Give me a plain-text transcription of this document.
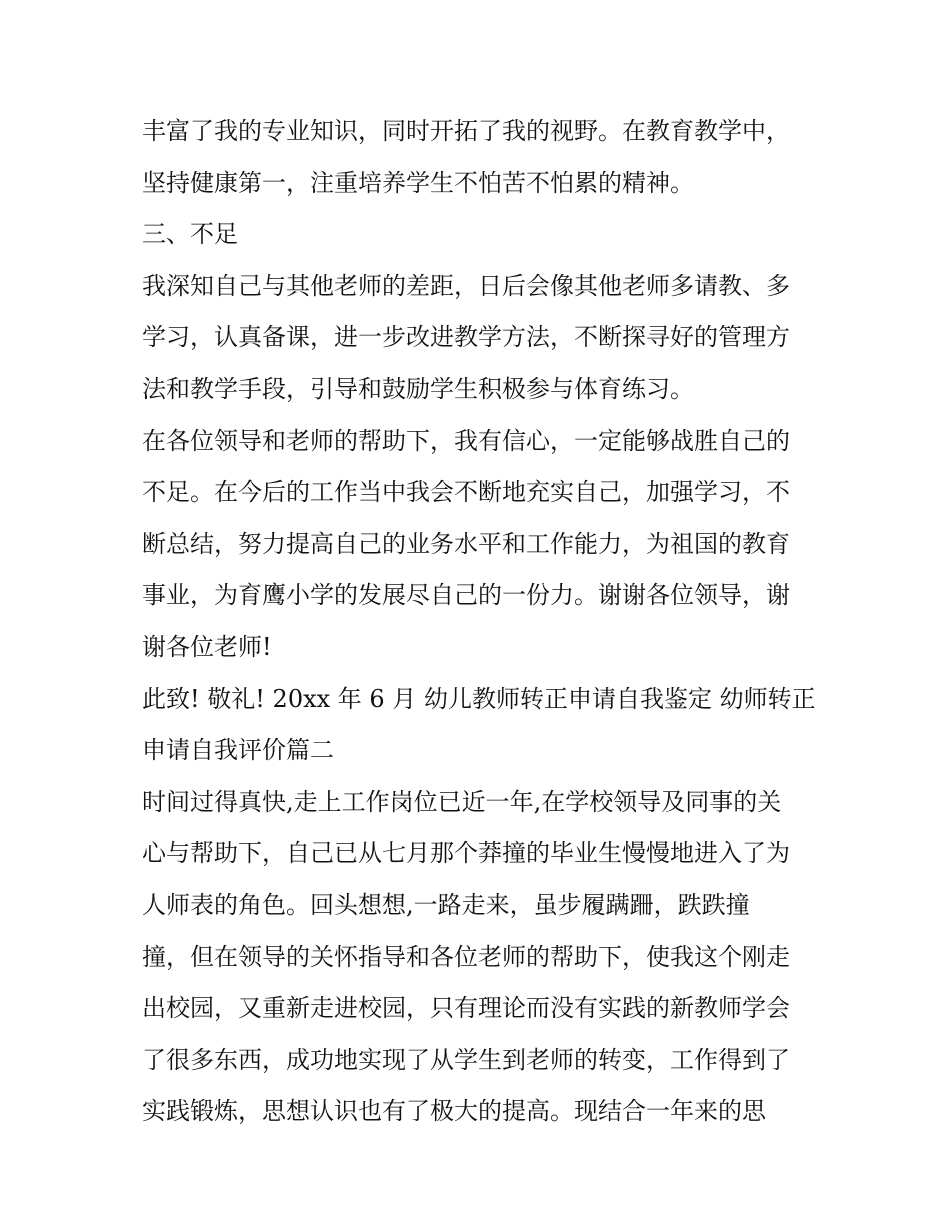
丰富了我的专业知识，同时开拓了我的视野。在教育教学中，

坚持健康第一，注重培养学生不怕苦不怕累的精神。

三、不足

我深知自己与其他老师的差距，日后会像其他老师多请教、多

学习，认真备课，进一步改进教学方法，不断探寻好的管理方

法和教学手段，引导和鼓励学生积极参与体育练习。

在各位领导和老师的帮助下，我有信心，一定能够战胜自己的

不足。在今后的工作当中我会不断地充实自己，加强学习，不

断总结，努力提高自己的业务水平和工作能力，为祖国的教育

事业，为育鹰小学的发展尽自己的一份力。谢谢各位领导，谢

谢各位老师!

此致! 敬礼! 20xx 年 6 月 幼儿教师转正申请自我鉴定 幼师转正

申请自我评价篇二

时间过得真快,走上工作岗位已近一年,在学校领导及同事的关

心与帮助下，自己已从七月那个莽撞的毕业生慢慢地进入了为

人师表的角色。回头想想,一路走来，虽步履蹒跚，跌跌撞

撞，但在领导的关怀指导和各位老师的帮助下，使我这个刚走

出校园，又重新走进校园，只有理论而没有实践的新教师学会

了很多东西，成功地实现了从学生到老师的转变，工作得到了

实践锻炼，思想认识也有了极大的提高。现结合一年来的思
